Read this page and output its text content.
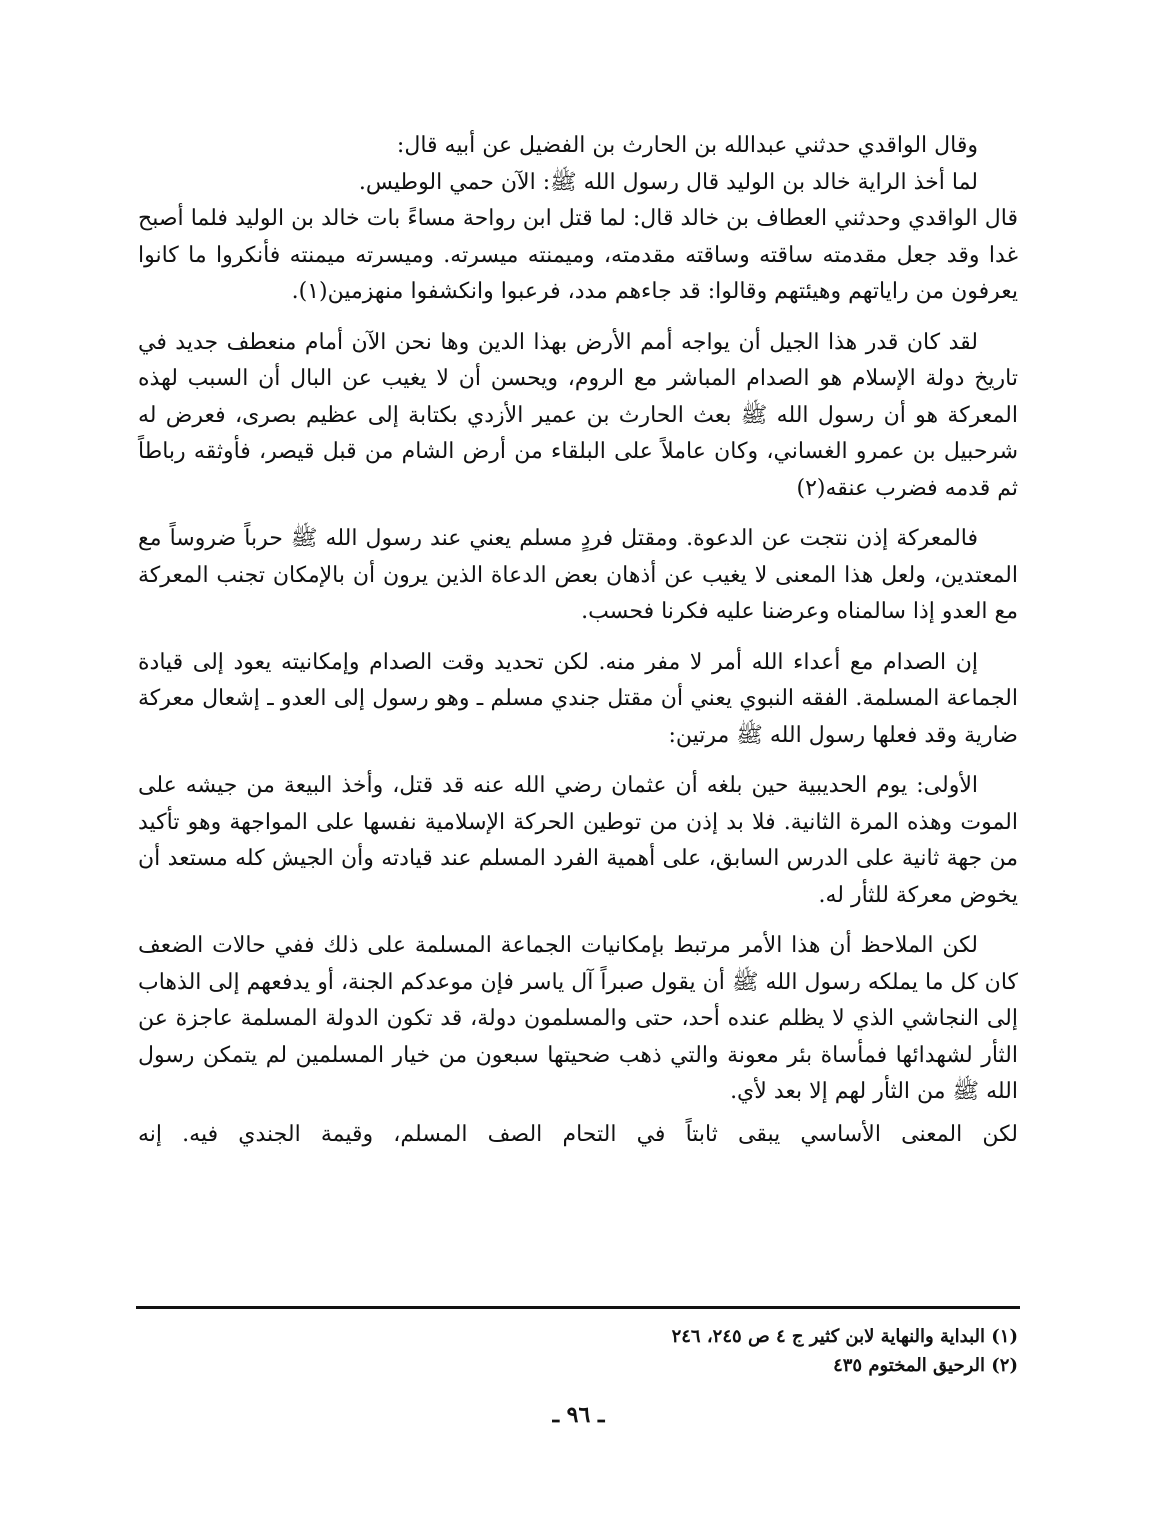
وقال الواقدي حدثني عبدالله بن الحارث بن الفضيل عن أبيه قال:

لما أخذ الراية خالد بن الوليد قال رسول الله ﷺ: الآن حمي الوطيس.

قال الواقدي وحدثني العطاف بن خالد قال: لما قتل ابن رواحة مساءً بات خالد بن الوليد فلما أصبح غدا وقد جعل مقدمته ساقته وساقته مقدمته، وميمنته ميسرته. وميسرته ميمنته فأنكروا ما كانوا يعرفون من راياتهم وهيئتهم وقالوا: قد جاءهم مدد، فرعبوا وانكشفوا منهزمين(١).

لقد كان قدر هذا الجيل أن يواجه أمم الأرض بهذا الدين وها نحن الآن أمام منعطف جديد في تاريخ دولة الإسلام هو الصدام المباشر مع الروم، ويحسن أن لا يغيب عن البال أن السبب لهذه المعركة هو أن رسول الله ﷺ بعث الحارث بن عمير الأزدي بكتابة إلى عظيم بصرى، فعرض له شرحبيل بن عمرو الغساني، وكان عاملاً على البلقاء من أرض الشام من قبل قيصر، فأوثقه رباطاً ثم قدمه فضرب عنقه(٢)

فالمعركة إذن نتجت عن الدعوة. ومقتل فردٍ مسلم يعني عند رسول الله ﷺ حرباً ضروساً مع المعتدين، ولعل هذا المعنى لا يغيب عن أذهان بعض الدعاة الذين يرون أن بالإمكان تجنب المعركة مع العدو إذا سالمناه وعرضنا عليه فكرنا فحسب.

إن الصدام مع أعداء الله أمر لا مفر منه. لكن تحديد وقت الصدام وإمكانيته يعود إلى قيادة الجماعة المسلمة. الفقه النبوي يعني أن مقتل جندي مسلم ـ وهو رسول إلى العدو ـ إشعال معركة ضارية وقد فعلها رسول الله ﷺ مرتين:

الأولى: يوم الحديبية حين بلغه أن عثمان رضي الله عنه قد قتل، وأخذ البيعة من جيشه على الموت وهذه المرة الثانية. فلا بد إذن من توطين الحركة الإسلامية نفسها على المواجهة وهو تأكيد من جهة ثانية على الدرس السابق، على أهمية الفرد المسلم عند قيادته وأن الجيش كله مستعد أن يخوض معركة للثأر له.

لكن الملاحظ أن هذا الأمر مرتبط بإمكانيات الجماعة المسلمة على ذلك ففي حالات الضعف كان كل ما يملكه رسول الله ﷺ أن يقول صبراً آل ياسر فإن موعدكم الجنة، أو يدفعهم إلى الذهاب إلى النجاشي الذي لا يظلم عنده أحد، حتى والمسلمون دولة، قد تكون الدولة المسلمة عاجزة عن الثأر لشهدائها فمأساة بئر معونة والتي ذهب ضحيتها سبعون من خيار المسلمين لم يتمكن رسول الله ﷺ من الثأر لهم إلا بعد لأي.

لكن المعنى الأساسي يبقى ثابتاً في التحام الصف المسلم، وقيمة الجندي فيه. إنه

(١) البداية والنهاية لابن كثير ج ٤ ص ٢٤٥، ٢٤٦
(٢) الرحيق المختوم ٤٣٥
ـ ٩٦ ـ
